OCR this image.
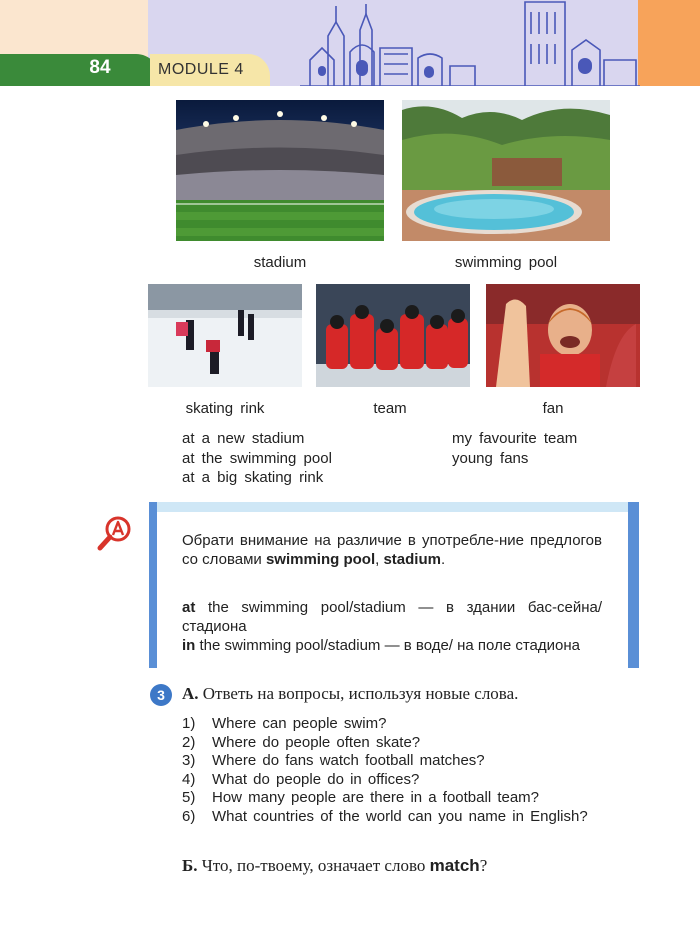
84	MODULE 4
stadium	swimming pool
skating rink	team	fan
at a new stadium
at the swimming pool
at a big skating rink
my favourite team
young fans
Обрати внимание на различие в употребле-ние предлогов со словами swimming pool, stadium.
at the swimming pool/stadium — в здании бас-сейна/стадиона
in the swimming pool/stadium — в воде/ на поле стадиона
3	А. Ответь на вопросы, используя новые слова.
1)	Where can people swim?
2)	Where do people often skate?
3)	Where do fans watch football matches?
4)	What do people do in offices?
5)	How many people are there in a football team?
6)	What countries of the world can you name in English?
Б. Что, по-твоему, означает слово match?
